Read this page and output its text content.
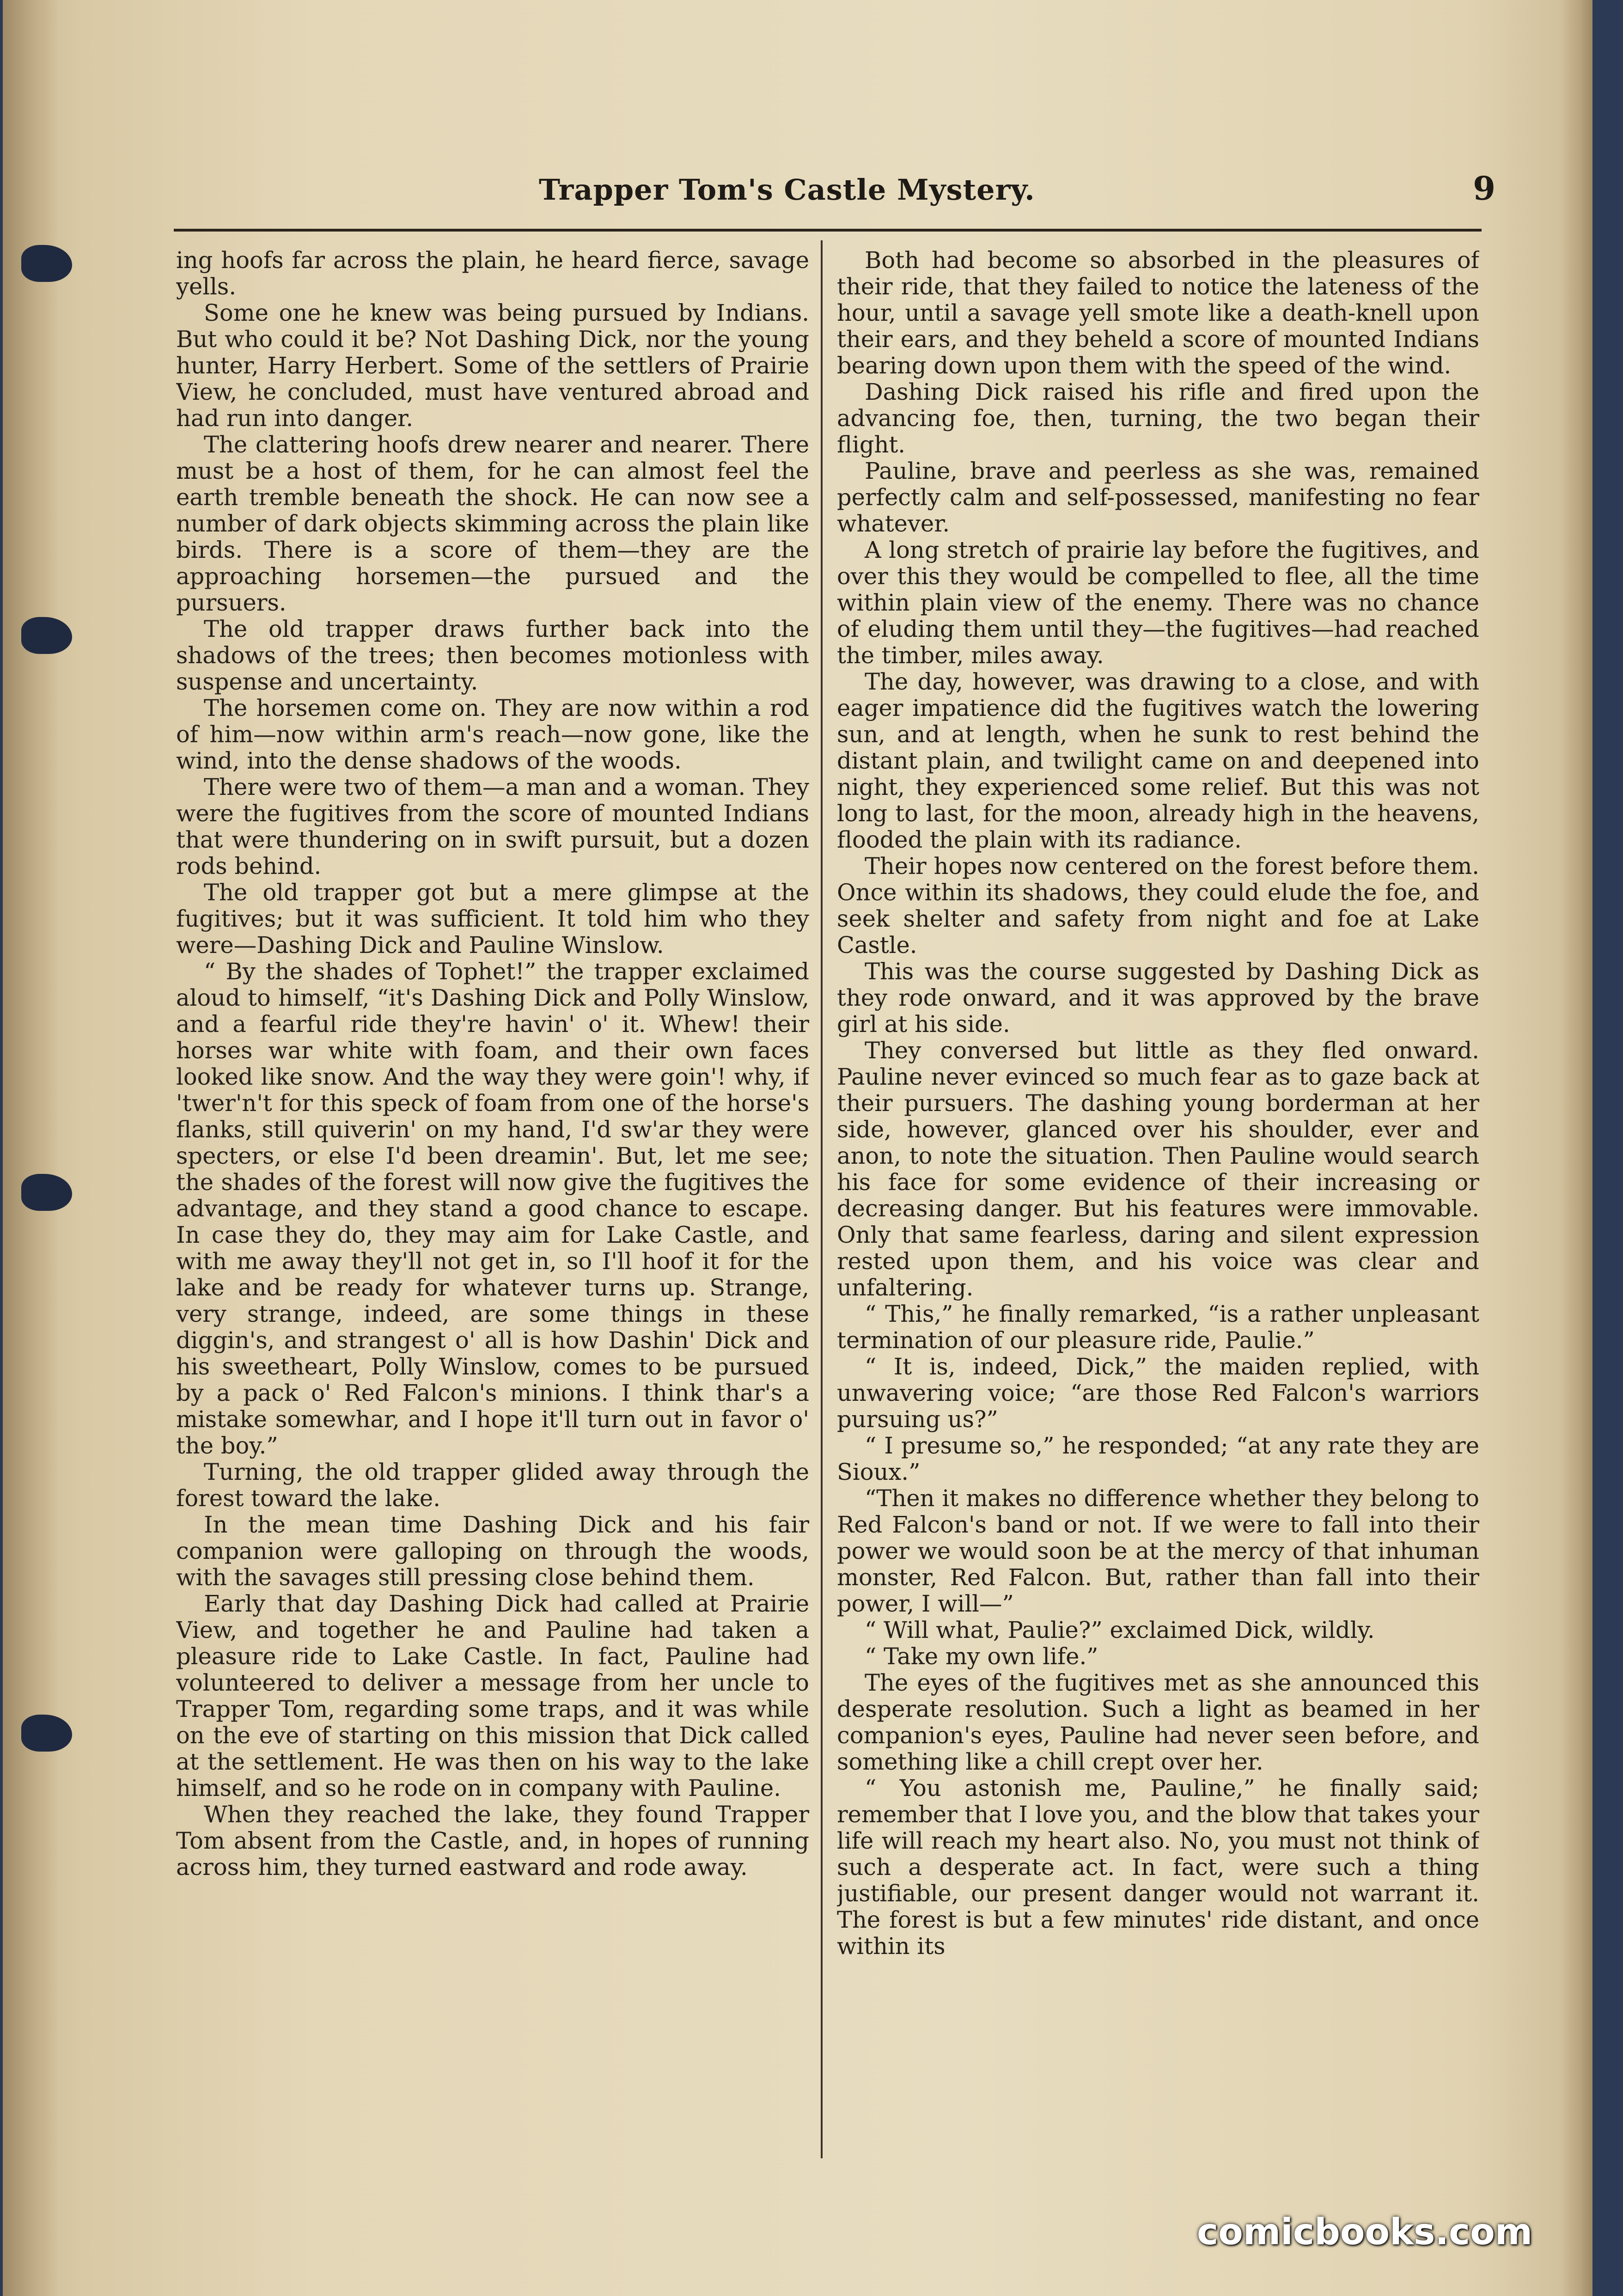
Trapper Tom's Castle Mystery.	9

ing hoofs far across the plain, he heard fierce, savage yells.

Some one he knew was being pursued by Indians. But who could it be? Not Dashing Dick, nor the young hunter, Harry Herbert. Some of the settlers of Prairie View, he concluded, must have ventured abroad and had run into danger.

The clattering hoofs drew nearer and nearer. There must be a host of them, for he can almost feel the earth tremble beneath the shock. He can now see a number of dark objects skimming across the plain like birds. There is a score of them—they are the approaching horsemen—the pursued and the pursuers.

The old trapper draws further back into the shadows of the trees; then becomes motionless with suspense and uncertainty.

The horsemen come on. They are now within a rod of him—now within arm's reach—now gone, like the wind, into the dense shadows of the woods.

There were two of them—a man and a woman. They were the fugitives from the score of mounted Indians that were thundering on in swift pursuit, but a dozen rods behind.

The old trapper got but a mere glimpse at the fugitives; but it was sufficient. It told him who they were—Dashing Dick and Pauline Winslow.

“ By the shades of Tophet!” the trapper exclaimed aloud to himself, “it's Dashing Dick and Polly Winslow, and a fearful ride they're havin' o' it. Whew! their horses war white with foam, and their own faces looked like snow. And the way they were goin'! why, if 'twer'n't for this speck of foam from one of the horse's flanks, still quiverin' on my hand, I'd sw'ar they were specters, or else I'd been dreamin'. But, let me see; the shades of the forest will now give the fugitives the advantage, and they stand a good chance to escape. In case they do, they may aim for Lake Castle, and with me away they'll not get in, so I'll hoof it for the lake and be ready for whatever turns up. Strange, very strange, indeed, are some things in these diggin's, and strangest o' all is how Dashin' Dick and his sweetheart, Polly Winslow, comes to be pursued by a pack o' Red Falcon's minions. I think thar's a mistake somewhar, and I hope it'll turn out in favor o' the boy.”

Turning, the old trapper glided away through the forest toward the lake.

In the mean time Dashing Dick and his fair companion were galloping on through the woods, with the savages still pressing close behind them.

Early that day Dashing Dick had called at Prairie View, and together he and Pauline had taken a pleasure ride to Lake Castle. In fact, Pauline had volunteered to deliver a message from her uncle to Trapper Tom, regarding some traps, and it was while on the eve of starting on this mission that Dick called at the settlement. He was then on his way to the lake himself, and so he rode on in company with Pauline.

When they reached the lake, they found Trapper Tom absent from the Castle, and, in hopes of running across him, they turned eastward and rode away.

Both had become so absorbed in the pleasures of their ride, that they failed to notice the lateness of the hour, until a savage yell smote like a death-knell upon their ears, and they beheld a score of mounted Indians bearing down upon them with the speed of the wind.

Dashing Dick raised his rifle and fired upon the advancing foe, then, turning, the two began their flight.

Pauline, brave and peerless as she was, remained perfectly calm and self-possessed, manifesting no fear whatever.

A long stretch of prairie lay before the fugitives, and over this they would be compelled to flee, all the time within plain view of the enemy. There was no chance of eluding them until they—the fugitives—had reached the timber, miles away.

The day, however, was drawing to a close, and with eager impatience did the fugitives watch the lowering sun, and at length, when he sunk to rest behind the distant plain, and twilight came on and deepened into night, they experienced some relief. But this was not long to last, for the moon, already high in the heavens, flooded the plain with its radiance.

Their hopes now centered on the forest before them. Once within its shadows, they could elude the foe, and seek shelter and safety from night and foe at Lake Castle.

This was the course suggested by Dashing Dick as they rode onward, and it was approved by the brave girl at his side.

They conversed but little as they fled onward. Pauline never evinced so much fear as to gaze back at their pursuers. The dashing young borderman at her side, however, glanced over his shoulder, ever and anon, to note the situation. Then Pauline would search his face for some evidence of their increasing or decreasing danger. But his features were immovable. Only that same fearless, daring and silent expression rested upon them, and his voice was clear and unfaltering.

“ This,” he finally remarked, “is a rather unpleasant termination of our pleasure ride, Paulie.”

“ It is, indeed, Dick,” the maiden replied, with unwavering voice; “are those Red Falcon's warriors pursuing us?”

“ I presume so,” he responded; “at any rate they are Sioux.”

“Then it makes no difference whether they belong to Red Falcon's band or not. If we were to fall into their power we would soon be at the mercy of that inhuman monster, Red Falcon. But, rather than fall into their power, I will—”

“ Will what, Paulie?” exclaimed Dick, wildly.

“ Take my own life.”

The eyes of the fugitives met as she announced this desperate resolution. Such a light as beamed in her companion's eyes, Pauline had never seen before, and something like a chill crept over her.

“ You astonish me, Pauline,” he finally said; remember that I love you, and the blow that takes your life will reach my heart also. No, you must not think of such a desperate act. In fact, were such a thing justifiable, our present danger would not warrant it. The forest is but a few minutes' ride distant, and once within its

comicbooks.com
